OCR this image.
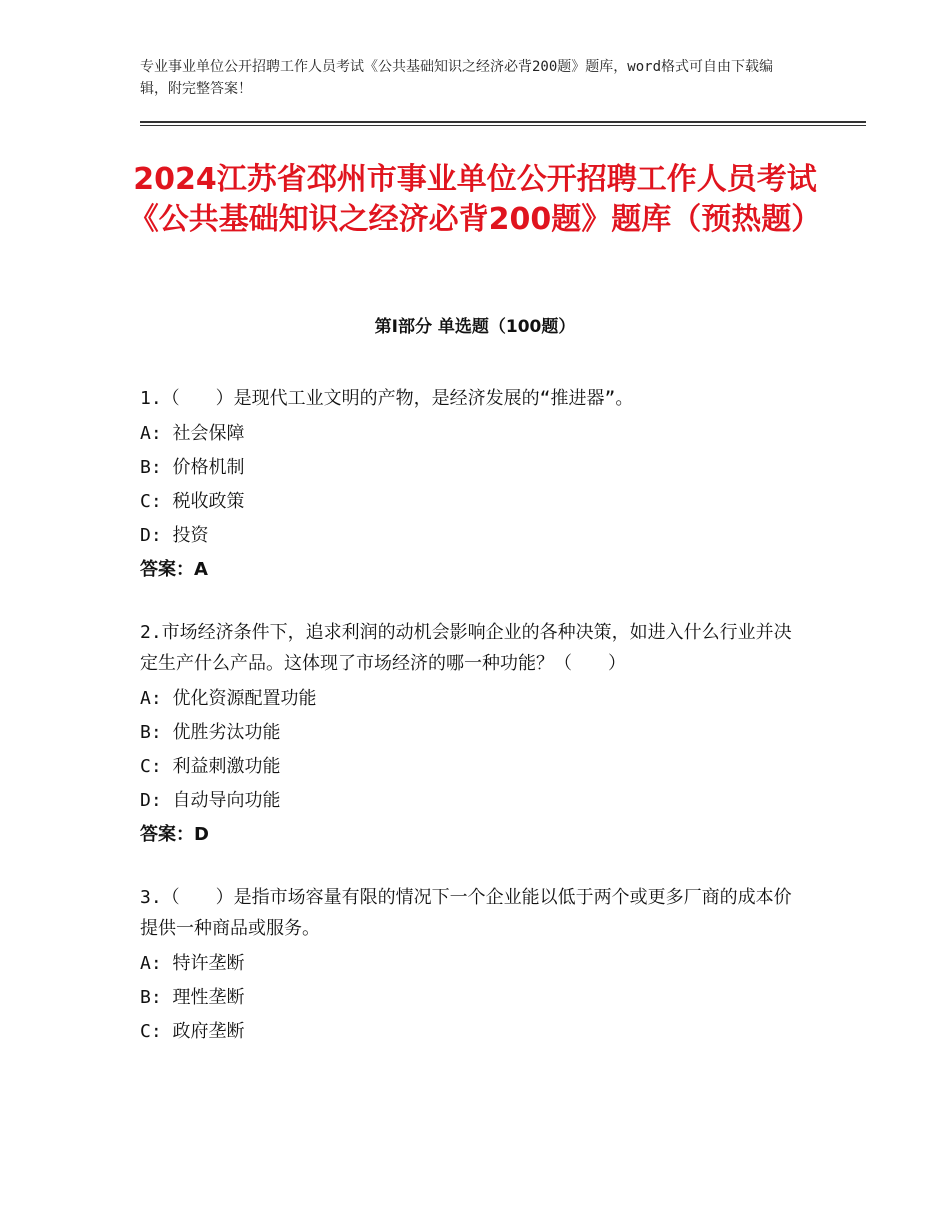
专业事业单位公开招聘工作人员考试《公共基础知识之经济必背200题》题库，word格式可自由下载编辑，附完整答案！
2024江苏省邳州市事业单位公开招聘工作人员考试《公共基础知识之经济必背200题》题库（预热题）
第I部分 单选题（100题）
1.（　　）是现代工业文明的产物，是经济发展的“推进器”。
A: 社会保障
B: 价格机制
C: 税收政策
D: 投资
答案：A
2.市场经济条件下，追求利润的动机会影响企业的各种决策，如进入什么行业并决定生产什么产品。这体现了市场经济的哪一种功能？（　　）
A: 优化资源配置功能
B: 优胜劣汰功能
C: 利益刺激功能
D: 自动导向功能
答案：D
3.（　　）是指市场容量有限的情况下一个企业能以低于两个或更多厂商的成本价提供一种商品或服务。
A: 特许垄断
B: 理性垄断
C: 政府垄断
